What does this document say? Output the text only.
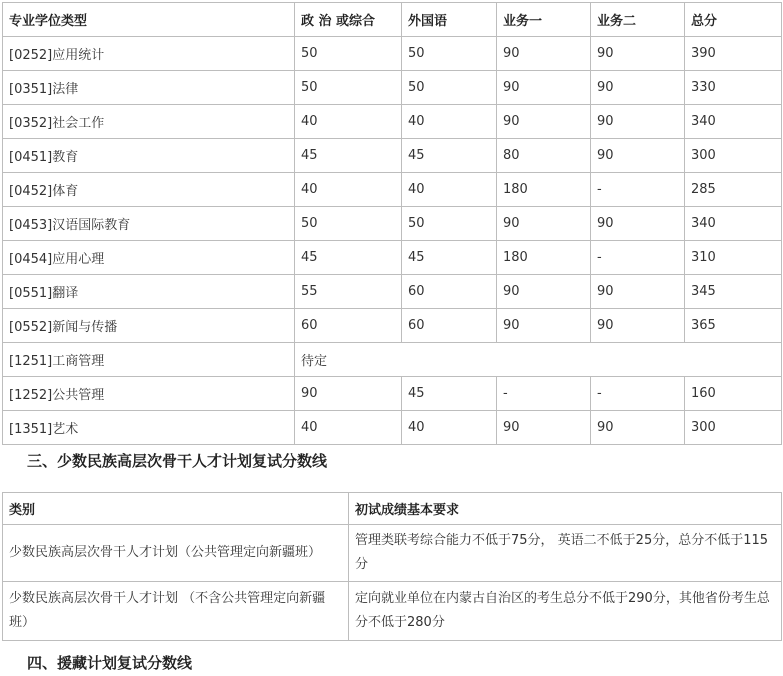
专业学位类型	政 治 或综合	外国语	业务一	业务二	总分
[0252]应用统计	50	50	90	90	390
[0351]法律	50	50	90	90	330
[0352]社会工作	40	40	90	90	340
[0451]教育	45	45	80	90	300
[0452]体育	40	40	180	-	285
[0453]汉语国际教育	50	50	90	90	340
[0454]应用心理	45	45	180	-	310
[0551]翻译	55	60	90	90	345
[0552]新闻与传播	60	60	90	90	365
[1251]工商管理	待定				
[1252]公共管理	90	45	-	-	160
[1351]艺术	40	40	90	90	300
三、少数民族高层次骨干人才计划复试分数线
类别	初试成绩基本要求
少数民族高层次骨干人才计划（公共管理定向新疆班）	管理类联考综合能力不低于75分， 英语二不低于25分，总分不低于115分
少数民族高层次骨干人才计划 （不含公共管理定向新疆班）	定向就业单位在内蒙古自治区的考生总分不低于290分，其他省份考生总分不低于280分
四、援藏计划复试分数线
